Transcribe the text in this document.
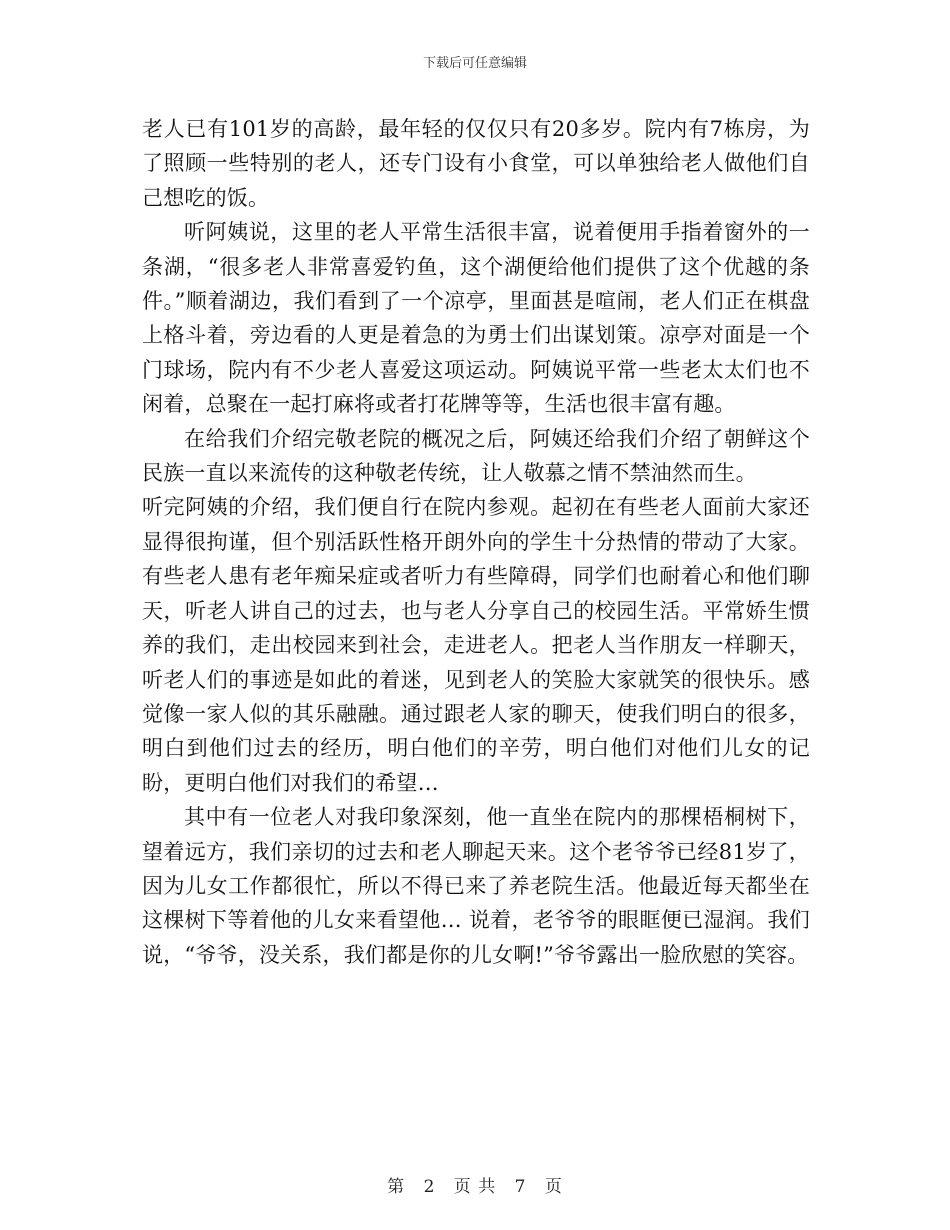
下载后可任意编辑

老人已有101岁的高龄，最年轻的仅仅只有20多岁。院内有7栋房，为了照顾一些特别的老人，还专门设有小食堂，可以单独给老人做他们自己想吃的饭。

听阿姨说，这里的老人平常生活很丰富，说着便用手指着窗外的一条湖，“很多老人非常喜爱钓鱼，这个湖便给他们提供了这个优越的条件。”顺着湖边，我们看到了一个凉亭，里面甚是喧闹，老人们正在棋盘上格斗着，旁边看的人更是着急的为勇士们出谋划策。凉亭对面是一个门球场，院内有不少老人喜爱这项运动。阿姨说平常一些老太太们也不闲着，总聚在一起打麻将或者打花牌等等，生活也很丰富有趣。

在给我们介绍完敬老院的概况之后，阿姨还给我们介绍了朝鲜这个民族一直以来流传的这种敬老传统，让人敬慕之情不禁油然而生。

听完阿姨的介绍，我们便自行在院内参观。起初在有些老人面前大家还显得很拘谨，但个别活跃性格开朗外向的学生十分热情的带动了大家。有些老人患有老年痴呆症或者听力有些障碍，同学们也耐着心和他们聊天，听老人讲自己的过去，也与老人分享自己的校园生活。平常娇生惯养的我们，走出校园来到社会，走进老人。把老人当作朋友一样聊天，听老人们的事迹是如此的着迷，见到老人的笑脸大家就笑的很快乐。感觉像一家人似的其乐融融。通过跟老人家的聊天，使我们明白的很多，明白到他们过去的经历，明白他们的辛劳，明白他们对他们儿女的记盼，更明白他们对我们的希望…

其中有一位老人对我印象深刻，他一直坐在院内的那棵梧桐树下，望着远方，我们亲切的过去和老人聊起天来。这个老爷爷已经81岁了，因为儿女工作都很忙，所以不得已来了养老院生活。他最近每天都坐在这棵树下等着他的儿女来看望他… 说着，老爷爷的眼眶便已湿润。我们说，“爷爷，没关系，我们都是你的儿女啊!”爷爷露出一脸欣慰的笑容。

第 2 页 共 7 页
